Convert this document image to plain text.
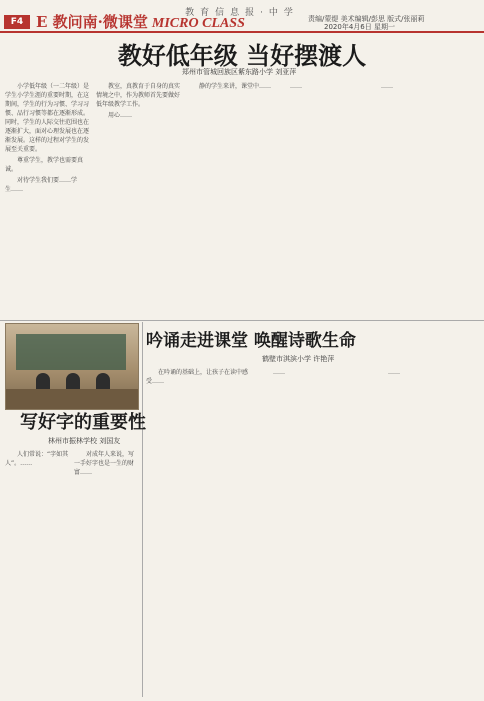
教育信息报·中学
F4 E 教问南·微课堂 MICRO CLASS	责编/蒙缇 美术编辑/彭思 版式/张丽莉
2020年4月6日 星期一
教好低年级 当好摆渡人
郑州市管城回族区紫东路小学 刘亚萍

小学低年级（一二年级）是学生小学生涯的重要时期，在这期间，学生的行为习惯、学习习惯、品行习惯等都在逐渐形成。同时，学生的人际交往范围也在逐渐扩大，面对心理发展也在逐渐发展。这样的过程对学生的发展至关重要。

尊重学生，教学也需要真诚。

对待学生我们要……学生……

教室，真教育于自身的真实情境之中，作为教师首先要做好低年级教学工作。

用心……

静的学生来讲，课堂中……	……	……

吟诵走进课堂 唤醒诗歌生命
鹤壁市淇滨小学 许艳萍

在吟诵的基础上，让孩子在读中感受……

……	……

写好字的重要性
林州市振林学校 刘国友

人们常说：“字如其人”。……

对成年人来说，写一手好字也是一生的财富……
